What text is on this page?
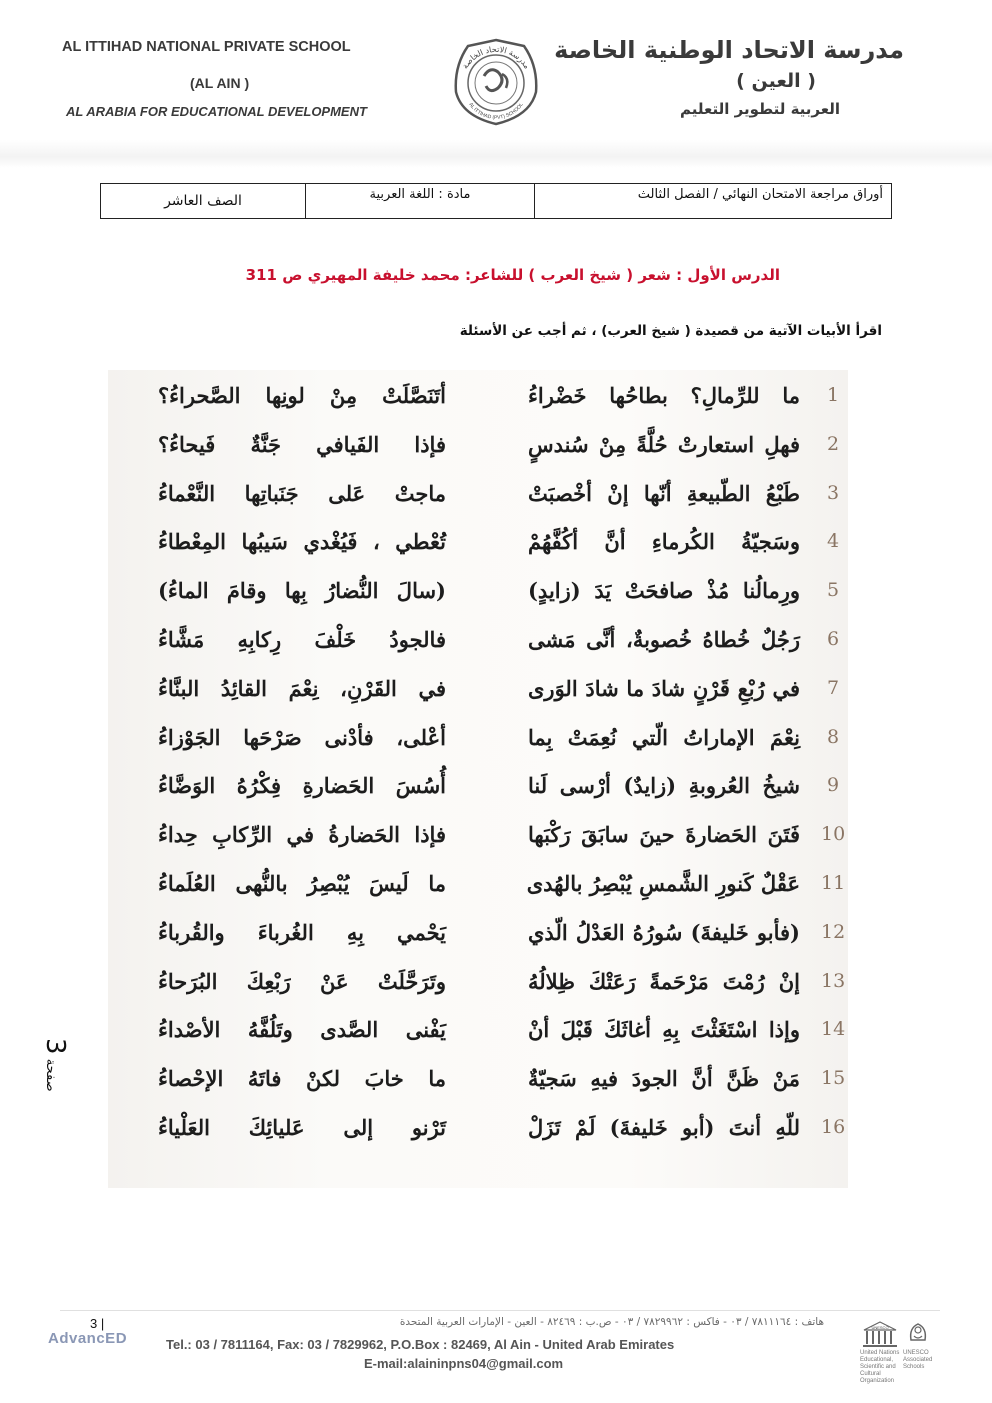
AL ITTIHAD NATIONAL PRIVATE SCHOOL
(AL AIN )
AL ARABIA FOR EDUCATIONAL DEVELOPMENT
مدرسة الاتحاد الخاصة
AL ITTIHAD (PVT) SCHOOL
مدرسة الاتحاد الوطنية الخاصة
( العين )
العربية لتطوير التعليم
أوراق مراجعة الامتحان النهائي / الفصل الثالث	مادة : اللغة العربية	الصف العاشر
الدرس الأول : شعر ( شيخ العرب ) للشاعر: محمد خليفة المهيري ص 311
اقرأ الأبيات الآتية من قصيدة ( شيخ العرب) ، ثم أجب عن الأسئلة
1
ما للرِّمالِ؟ بطاحُها خَضْراءُ
أتَنَصَّلَتْ مِنْ لونِها الصَّحراءُ؟
2
فهلِ استعارتْ حُلَّةً مِنْ سُندسٍ
فإذا الفَيافي جَنَّةٌ فَيحاءُ؟
3
طَبْعُ الطّبيعةِ أنّها إنْ أخْصبَتْ
ماجتْ عَلى جَنَباتِها النَّعْماءُ
4
وسَجيّةُ الكُرماءِ أنَّ أكُفَّهُمْ
تُعْطي ، فَيُغْدي سَيبُها المِعْطاءُ
5
ورِمالُنا مُذْ صافحَتْ يَدَ (زايدٍ)
(سالَ النُّضارُ بِها وقامَ الماءُ)
6
رَجُلٌ خُطاهُ خُصوبةٌ، أنَّى مَشى
فالجودُ خَلْفَ رِكابِهِ مَشَّاءُ
7
في رُبْعِ قَرْنٍ شادَ ما شادَ الوَرى
في القَرْنِ، نِعْمَ القائِدُ البنَّاءُ
8
نِعْمَ الإماراتُ الّتي نُعِمَتْ بِما
أعْلى، فأدْنى صَرْحَها الجَوْزاءُ
9
شيخُ العُروبةِ (زايدٌ) أرْسى لَنا
أُسُسَ الحَضارةِ فِكْرُهُ الوَضَّاءُ
10
فَتَنَ الحَضارةَ حينَ سابَقَ رَكْبَها
فإذا الحَضارةُ في الرِّكابِ حِداءُ
11
عَقْلٌ كَنورِ الشَّمسِ يُبْصِرُ بالهُدى
ما لَيسَ يُبْصِرُ بالنُّهى العُلَماءُ
12
(فأبو خَليفةَ) سُورُهُ العَدْلُ الّذي
يَحْمي بِهِ الغُرباءَ والقُرباءُ
13
إنْ رُمْتَ مَرْحَمةً رَعَتْكَ ظِلالُهُ
وتَرَحَّلَتْ عَنْ رَبْعِكَ البُرَحاءُ
14
وإذا اسْتَغَثْتَ بِهِ أغاثَكَ قَبْلَ أنْ
يَفْنى الصَّدى وتَلُفَّهُ الأصْداءُ
15
مَنْ ظَنَّ أنَّ الجودَ فيهِ سَجيّةٌ
ما خابَ لكنْ فاتَهُ الإحْصاءُ
16
للّهِ أنتَ (أبو خَليفةَ) لَمْ تَزَلْ
تَرْنو إلى عَليائِكَ العَلْياءُ
صفحة 3
3 |
AdvancED
هاتف : ٧٨١١١٦٤ / ٠٣ - فاكس : ٧٨٢٩٩٦٢ / ٠٣ - ص.ب : ٨٢٤٦٩ - العين - الإمارات العربية المتحدة
Tel.: 03 / 7811164, Fax: 03 / 7829962, P.O.Box : 82469, Al Ain - United Arab Emirates
E-mail:alaininpns04@gmail.com
UNESCO
United Nations Educational, Scientific and Cultural Organization
UNESCO Associated Schools
